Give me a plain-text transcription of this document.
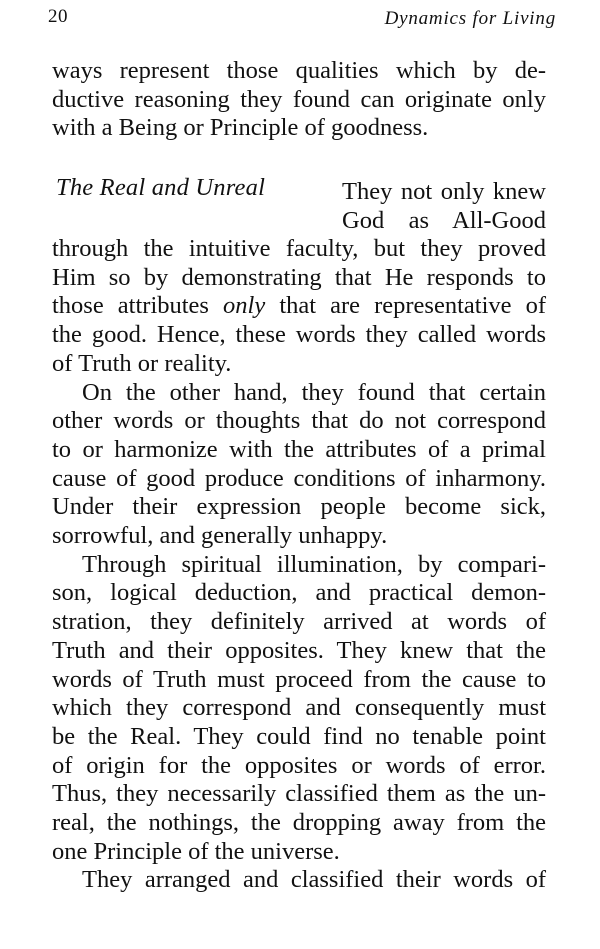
20	Dynamics for Living
ways represent those qualities which by de-
ductive reasoning they found can originate only
with a Being or Principle of goodness.
The Real and Unreal	They not only knew
God as All-Good
through the intuitive faculty, but they proved
Him so by demonstrating that He responds to
those attributes only that are representative of
the good. Hence, these words they called words
of Truth or reality.
On the other hand, they found that certain
other words or thoughts that do not correspond
to or harmonize with the attributes of a primal
cause of good produce conditions of inharmony.
Under their expression people become sick,
sorrowful, and generally unhappy.
Through spiritual illumination, by compari-
son, logical deduction, and practical demon-
stration, they definitely arrived at words of
Truth and their opposites. They knew that the
words of Truth must proceed from the cause to
which they correspond and consequently must
be the Real. They could find no tenable point
of origin for the opposites or words of error.
Thus, they necessarily classified them as the un-
real, the nothings, the dropping away from the
one Principle of the universe.
They arranged and classified their words of
